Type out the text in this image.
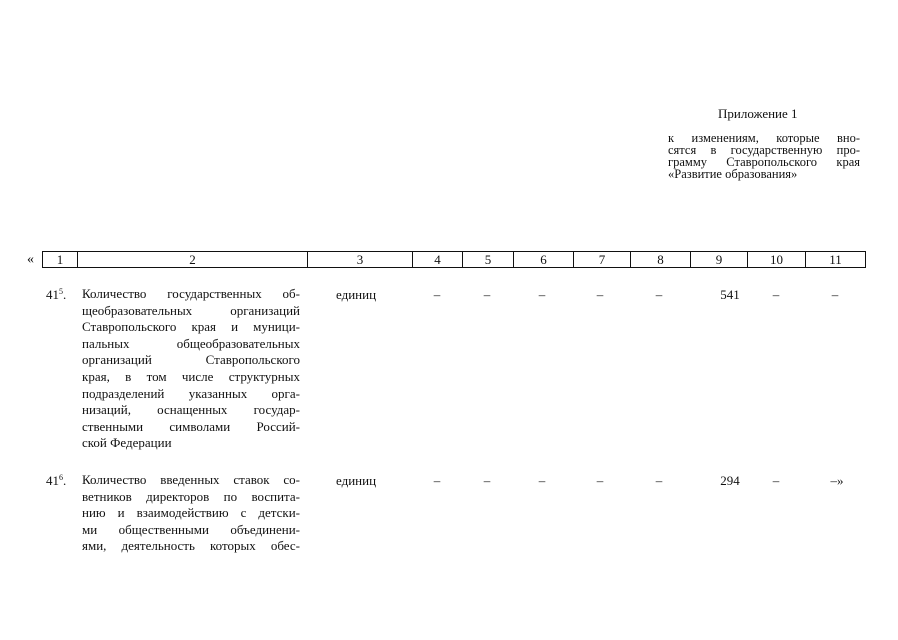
Приложение 1
к изменениям, которые вно-
сятся в государственную про-
грамму Ставропольского края
«Развитие образования»
«	1	2	3	4	5	6	7	8	9	10	11
$41^5$. Количество государственных об-
щеобразовательных организаций
Ставропольского края и муници-
пальных общеобразовательных
организаций Ставропольского
края, в том числе структурных
подразделений указанных орга-
низаций, оснащенных государ-
ственными символами Россий-
ской Федерации
единиц	–	–	–	–	–	541	–	–
$41^6$. Количество введенных ставок со-
ветников директоров по воспита-
нию и взаимодействию с детски-
ми общественными объединени-
ями, деятельность которых обес-
единиц	–	–	–	–	–	294	–	–»
